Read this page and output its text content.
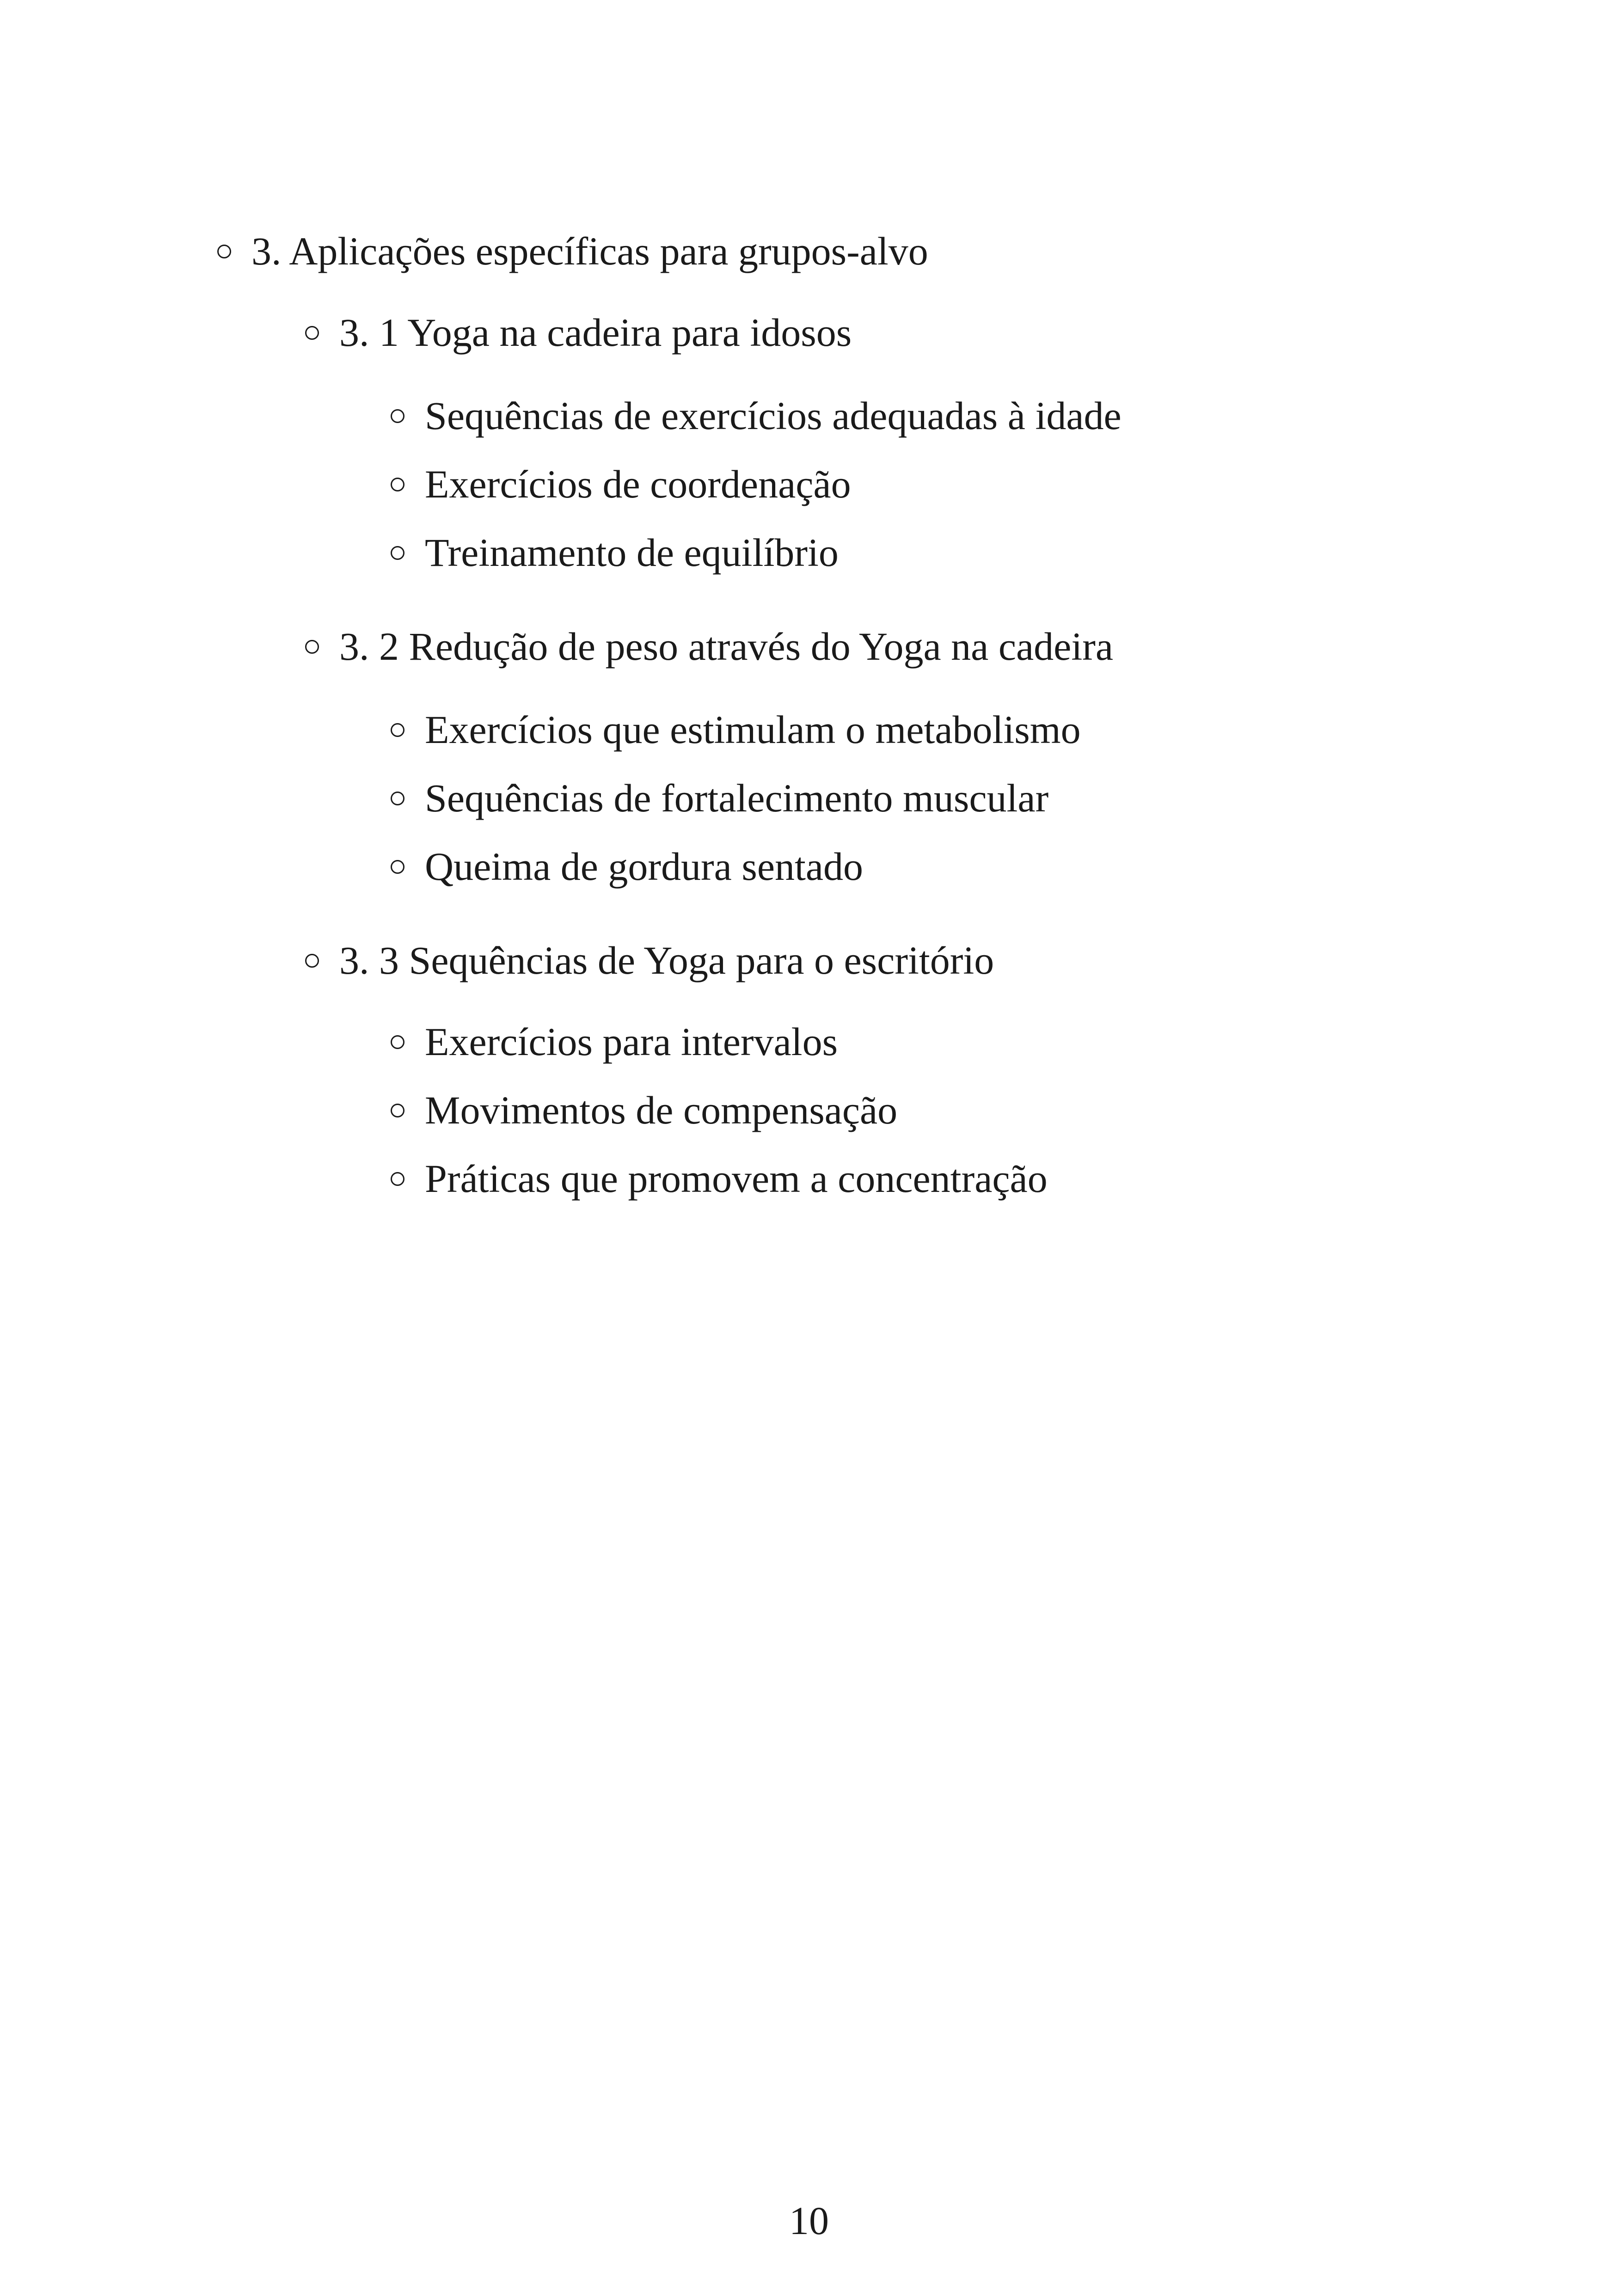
3. Aplicações específicas para grupos-alvo
3. 1 Yoga na cadeira para idosos
Sequências de exercícios adequadas à idade
Exercícios de coordenação
Treinamento de equilíbrio
3. 2 Redução de peso através do Yoga na cadeira
Exercícios que estimulam o metabolismo
Sequências de fortalecimento muscular
Queima de gordura sentado
3. 3 Sequências de Yoga para o escritório
Exercícios para intervalos
Movimentos de compensação
Práticas que promovem a concentração
10
